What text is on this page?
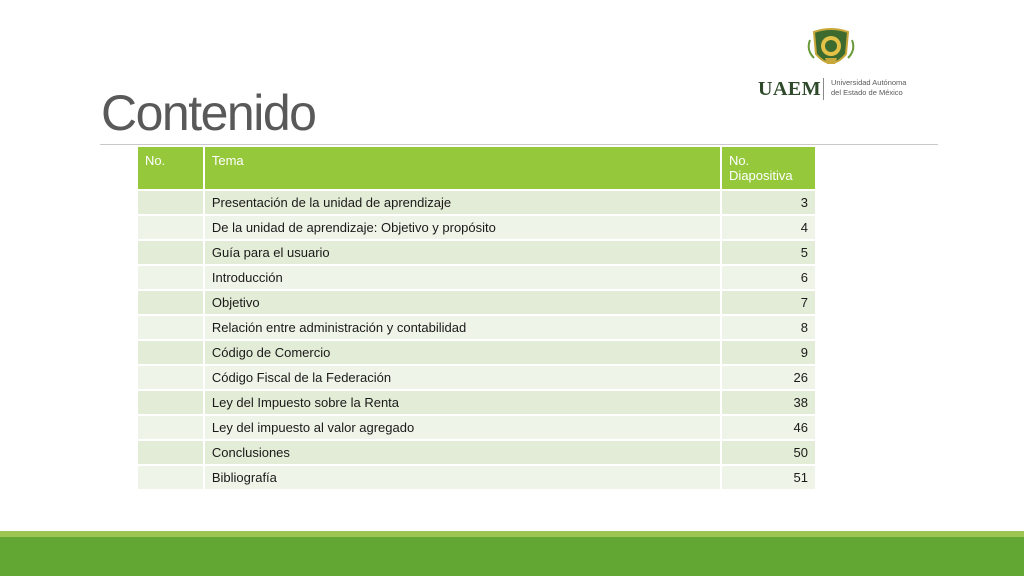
Contenido	UAEM Universidad Autónoma
del Estado de México
No.	Tema	No. Diapositiva
	Presentación de la unidad de aprendizaje	3
	De la unidad de aprendizaje: Objetivo y propósito	4
	Guía para el usuario	5
	Introducción	6
	Objetivo	7
	Relación entre administración y contabilidad	8
	Código de Comercio	9
	Código Fiscal de la Federación	26
	Ley del Impuesto sobre la Renta	38
	Ley del impuesto al valor agregado	46
	Conclusiones	50
	Bibliografía	51
